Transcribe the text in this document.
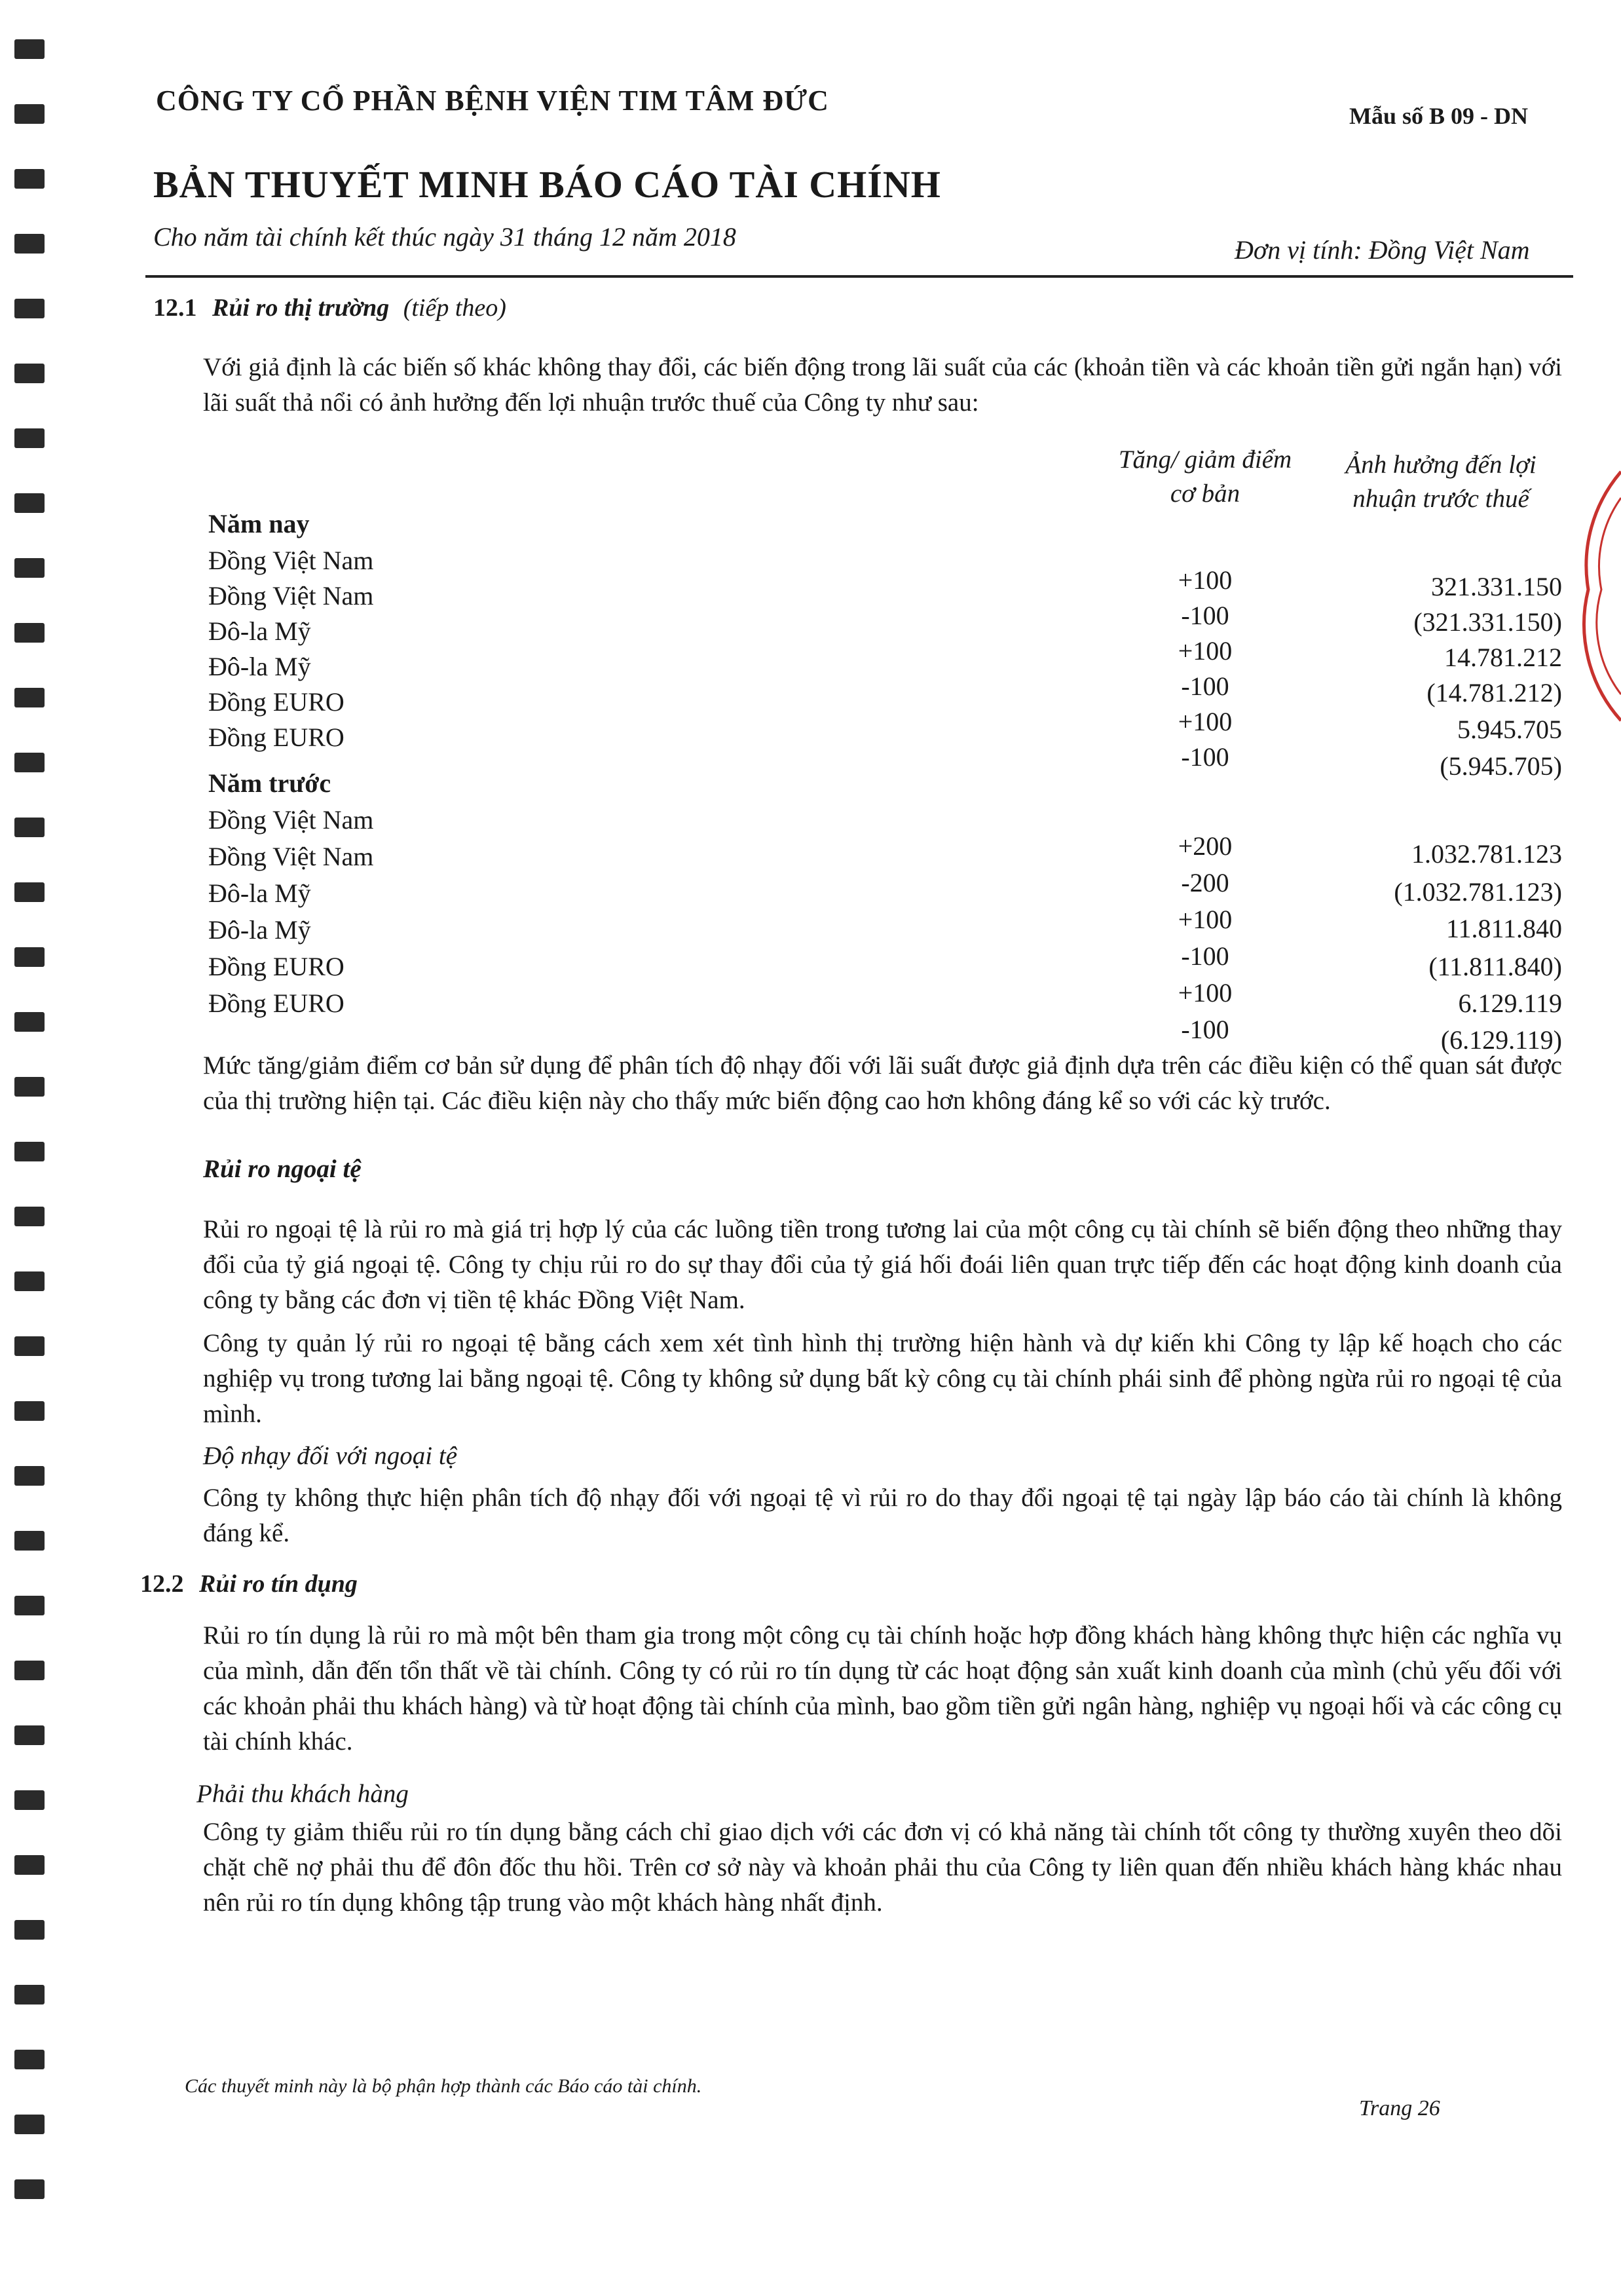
CÔNG TY CỔ PHẦN BỆNH VIỆN TIM TÂM ĐỨC	Mẫu số B 09 - DN
BẢN THUYẾT MINH BÁO CÁO TÀI CHÍNH
Cho năm tài chính kết thúc ngày 31 tháng 12 năm 2018	Đơn vị tính: Đồng Việt Nam
12.1 Rủi ro thị trường (tiếp theo)

Với giả định là các biến số khác không thay đổi, các biến động trong lãi suất của các (khoản tiền và các khoản tiền gửi ngắn hạn) với lãi suất thả nổi có ảnh hưởng đến lợi nhuận trước thuế của Công ty như sau:

Tăng/ giảm điểm cơ bản
Ảnh hưởng đến lợi nhuận trước thuế
Năm nay
Đồng Việt Nam
Đồng Việt Nam
Đô-la Mỹ
Đô-la Mỹ
Đồng EURO
Đồng EURO
+100
-100
+100
-100
+100
-100
321.331.150
(321.331.150)
14.781.212
(14.781.212)
5.945.705
(5.945.705)
Năm trước
Đồng Việt Nam
Đồng Việt Nam
Đô-la Mỹ
Đô-la Mỹ
Đồng EURO
Đồng EURO
+200
-200
+100
-100
+100
-100
1.032.781.123
(1.032.781.123)
11.811.840
(11.811.840)
6.129.119
(6.129.119)

Mức tăng/giảm điểm cơ bản sử dụng để phân tích độ nhạy đối với lãi suất được giả định dựa trên các điều kiện có thể quan sát được của thị trường hiện tại. Các điều kiện này cho thấy mức biến động cao hơn không đáng kể so với các kỳ trước.

Rủi ro ngoại tệ

Rủi ro ngoại tệ là rủi ro mà giá trị hợp lý của các luồng tiền trong tương lai của một công cụ tài chính sẽ biến động theo những thay đổi của tỷ giá ngoại tệ. Công ty chịu rủi ro do sự thay đổi của tỷ giá hối đoái liên quan trực tiếp đến các hoạt động kinh doanh của công ty bằng các đơn vị tiền tệ khác Đồng Việt Nam.

Công ty quản lý rủi ro ngoại tệ bằng cách xem xét tình hình thị trường hiện hành và dự kiến khi Công ty lập kế hoạch cho các nghiệp vụ trong tương lai bằng ngoại tệ. Công ty không sử dụng bất kỳ công cụ tài chính phái sinh để phòng ngừa rủi ro ngoại tệ của mình.

Độ nhạy đối với ngoại tệ

Công ty không thực hiện phân tích độ nhạy đối với ngoại tệ vì rủi ro do thay đổi ngoại tệ tại ngày lập báo cáo tài chính là không đáng kể.

12.2 Rủi ro tín dụng

Rủi ro tín dụng là rủi ro mà một bên tham gia trong một công cụ tài chính hoặc hợp đồng khách hàng không thực hiện các nghĩa vụ của mình, dẫn đến tổn thất về tài chính. Công ty có rủi ro tín dụng từ các hoạt động sản xuất kinh doanh của mình (chủ yếu đối với các khoản phải thu khách hàng) và từ hoạt động tài chính của mình, bao gồm tiền gửi ngân hàng, nghiệp vụ ngoại hối và các công cụ tài chính khác.

Phải thu khách hàng

Công ty giảm thiểu rủi ro tín dụng bằng cách chỉ giao dịch với các đơn vị có khả năng tài chính tốt công ty thường xuyên theo dõi chặt chẽ nợ phải thu để đôn đốc thu hồi. Trên cơ sở này và khoản phải thu của Công ty liên quan đến nhiều khách hàng khác nhau nên rủi ro tín dụng không tập trung vào một khách hàng nhất định.

Các thuyết minh này là bộ phận hợp thành các Báo cáo tài chính.
Trang 26
